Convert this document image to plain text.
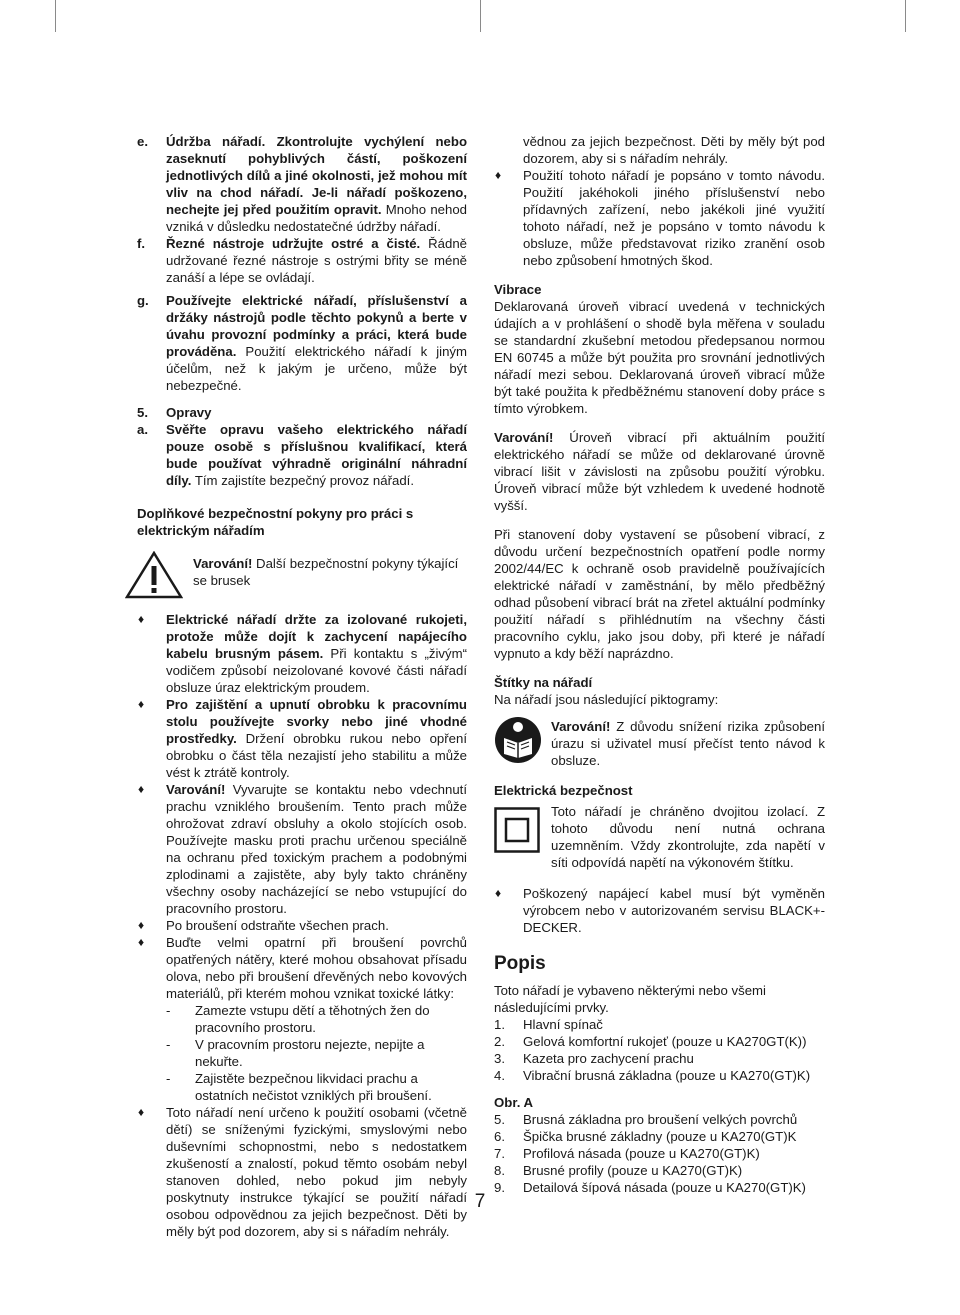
e. Údržba nářadí. Zkontrolujte vychýlení nebo zaseknutí pohyblivých částí, poškození jednotlivých dílů a jiné okolnosti, jež mohou mít vliv na chod nářadí. Je-li nářadí poškozeno, nechejte jej před použitím opravit. Mnoho nehod vzniká v důsledku nedostatečné údržby nářadí.

f. Řezné nástroje udržujte ostré a čisté. Řádně udržované řezné nástroje s ostrými břity se méně zanáší a lépe se ovládají.

g. Používejte elektrické nářadí, příslušenství a držáky nástrojů podle těchto pokynů a berte v úvahu provozní podmínky a práci, která bude prováděna. Použití elektrického nářadí k jiným účelům, než k jakým je určeno, může být nebezpečné.

5. Opravy

a. Svěřte opravu vašeho elektrického nářadí pouze osobě s příslušnou kvalifikací, která bude používat výhradně originální náhradní díly. Tím zajistíte bezpečný provoz nářadí.

Doplňkové bezpečnostní pokyny pro práci s elektrickým nářadím

Varování! Další bezpečnostní pokyny týkající se brusek

♦ Elektrické nářadí držte za izolované rukojeti, protože může dojít k zachycení napájecího kabelu brusným pásem. Při kontaktu s „živým“ vodičem způsobí neizolované kovové části nářadí obsluze úraz elektrickým proudem.

♦ Pro zajištění a upnutí obrobku k pracovnímu stolu používejte svorky nebo jiné vhodné prostředky. Držení obrobku rukou nebo opření obrobku o část těla nezajistí jeho stabilitu a může vést k ztrátě kontroly.

♦ Varování! Vyvarujte se kontaktu nebo vdechnutí prachu vzniklého broušením. Tento prach může ohrožovat zdraví obsluhy a okolo stojících osob. Používejte masku proti prachu určenou speciálně na ochranu před toxickým prachem a podobnými zplodinami a zajistěte, aby byly takto chráněny všechny osoby nacházející se nebo vstupující do pracovního prostoru.

♦ Po broušení odstraňte všechen prach.

♦ Buďte velmi opatrní při broušení povrchů opatřených nátěry, které mohou obsahovat přísadu olova, nebo při broušení dřevěných nebo kovových materiálů, při kterém mohou vznikat toxické látky:

- Zamezte vstupu dětí a těhotných žen do pracovního prostoru.

- V pracovním prostoru nejezte, nepijte a nekuřte.

- Zajistěte bezpečnou likvidaci prachu a ostatních nečistot vzniklých při broušení.

♦ Toto nářadí není určeno k použití osobami (včetně dětí) se sníženými fyzickými, smyslovými nebo duševními schopnostmi, nebo s nedostatkem zkušeností a znalostí, pokud těmto osobám nebyl stanoven dohled, nebo pokud jim nebyly poskytnuty instrukce týkající se použití nářadí osobou odpovědnou za jejich bezpečnost. Děti by měly být pod dozorem, aby si s nářadím nehrály.

vědnou za jejich bezpečnost. Děti by měly být pod dozorem, aby si s nářadím nehrály.

♦ Použití tohoto nářadí je popsáno v tomto návodu. Použití jakéhokoli jiného příslušenství nebo přídavných zařízení, nebo jakékoli jiné využití tohoto nářadí, než je popsáno v tomto návodu k obsluze, může představovat riziko zranění osob nebo způsobení hmotných škod.

Vibrace

Deklarovaná úroveň vibrací uvedená v technických údajích a v prohlášení o shodě byla měřena v souladu se standardní zkušební metodou předepsanou normou EN 60745 a může být použita pro srovnání jednotlivých nářadí mezi sebou. Deklarovaná úroveň vibrací může být také použita k předběžnému stanovení doby práce s tímto výrobkem.

Varování! Úroveň vibrací při aktuálním použití elektrického nářadí se může od deklarované úrovně vibrací lišit v závislosti na způsobu použití výrobku. Úroveň vibrací může být vzhledem k uvedené hodnotě vyšší.

Při stanovení doby vystavení se působení vibrací, z důvodu určení bezpečnostních opatření podle normy 2002/44/EC k ochraně osob pravidelně používajících elektrické nářadí v zaměstnání, by mělo předběžný odhad působení vibrací brát na zřetel aktuální podmínky použití nářadí s přihlédnutím na všechny části pracovního cyklu, jako jsou doby, při které je nářadí vypnuto a kdy běží naprázdno.

Štítky na nářadí

Na nářadí jsou následující piktogramy:

Varování! Z důvodu snížení rizika způsobení úrazu si uživatel musí přečíst tento návod k obsluze.

Elektrická bezpečnost

Toto nářadí je chráněno dvojitou izolací. Z tohoto důvodu není nutná ochrana uzemněním. Vždy zkontrolujte, zda napětí v síti odpovídá napětí na výkonovém štítku.

♦ Poškozený napájecí kabel musí být vyměněn výrobcem nebo v autorizovaném servisu BLACK+-DECKER.

Popis

Toto nářadí je vybaveno některými nebo všemi následujícími prvky.

1. Hlavní spínač

2. Gelová komfortní rukojeť (pouze u KA270GT(K))

3. Kazeta pro zachycení prachu

4. Vibrační brusná základna (pouze u KA270(GT)K)

Obr. A
5. Brusná základna pro broušení velkých povrchů

6. Špička brusné základny (pouze u KA270(GT)K

7. Profilová násada (pouze u KA270(GT)K)

8. Brusné profily (pouze u KA270(GT)K)

9. Detailová šípová násada (pouze u KA270(GT)K)

7
